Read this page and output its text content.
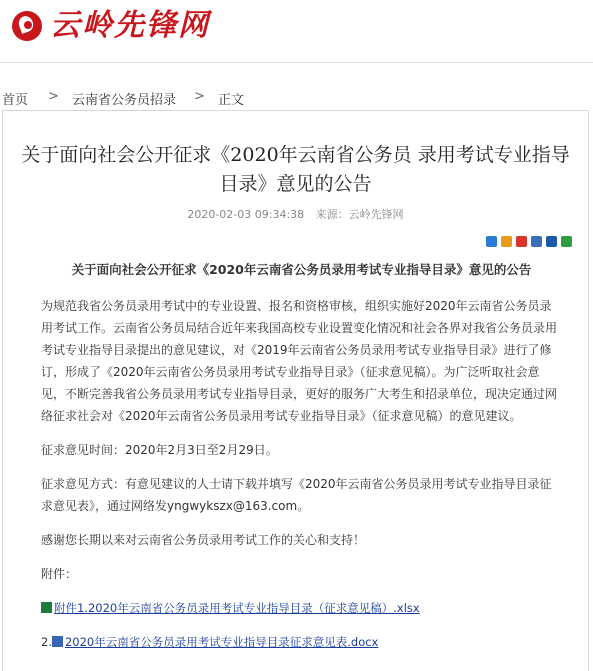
云岭先锋网
首页 > 云南省公务员招录 > 正文
关于面向社会公开征求《2020年云南省公务员 录用考试专业指导目录》意见的公告
2020-02-03 09:34:38 来源：云岭先锋网
关于面向社会公开征求《2020年云南省公务员录用考试专业指导目录》意见的公告

为规范我省公务员录用考试中的专业设置、报名和资格审核，组织实施好2020年云南省公务员录用考试工作。云南省公务员局结合近年来我国高校专业设置变化情况和社会各界对我省公务员录用考试专业指导目录提出的意见建议，对《2019年云南省公务员录用考试专业指导目录》进行了修订，形成了《2020年云南省公务员录用考试专业指导目录》（征求意见稿）。为广泛听取社会意见，不断完善我省公务员录用考试专业指导目录，更好的服务广大考生和招录单位，现决定通过网络征求社会对《2020年云南省公务员录用考试专业指导目录》（征求意见稿）的意见建议。

征求意见时间：2020年2月3日至2月29日。

征求意见方式：有意见建议的人士请下载并填写《2020年云南省公务员录用考试专业指导目录征求意见表》，通过网络发yngwykszx@163.com。

感谢您长期以来对云南省公务员录用考试工作的关心和支持！

附件：

附件1.2020年云南省公务员录用考试专业指导目录（征求意见稿）.xlsx
2. 2020年云南省公务员录用考试专业指导目录征求意见表.docx
